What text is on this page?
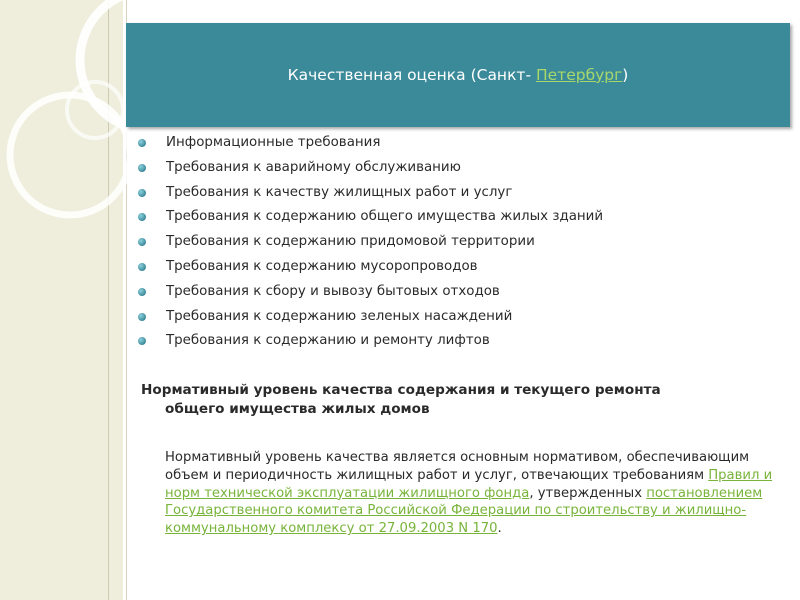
Качественная оценка (Санкт- Петербург)
Информационные требования
Требования к аварийному обслуживанию
Требования к качеству жилищных работ и услуг
Требования к содержанию общего имущества жилых зданий
Требования к содержанию придомовой территории
Требования к содержанию мусоропроводов
Требования к сбору и вывозу бытовых отходов
Требования к содержанию зеленых насаждений
Требования к содержанию и ремонту лифтов
Нормативный уровень качества содержания и текущего ремонта
общего имущества жилых домов
Нормативный уровень качества является основным нормативом, обеспечивающим объем и периодичность жилищных работ и услуг, отвечающих требованиям Правил и норм технической эксплуатации жилищного фонда, утвержденных постановлением Государственного комитета Российской Федерации по строительству и жилищно-коммунальному комплексу от 27.09.2003 N 170.
